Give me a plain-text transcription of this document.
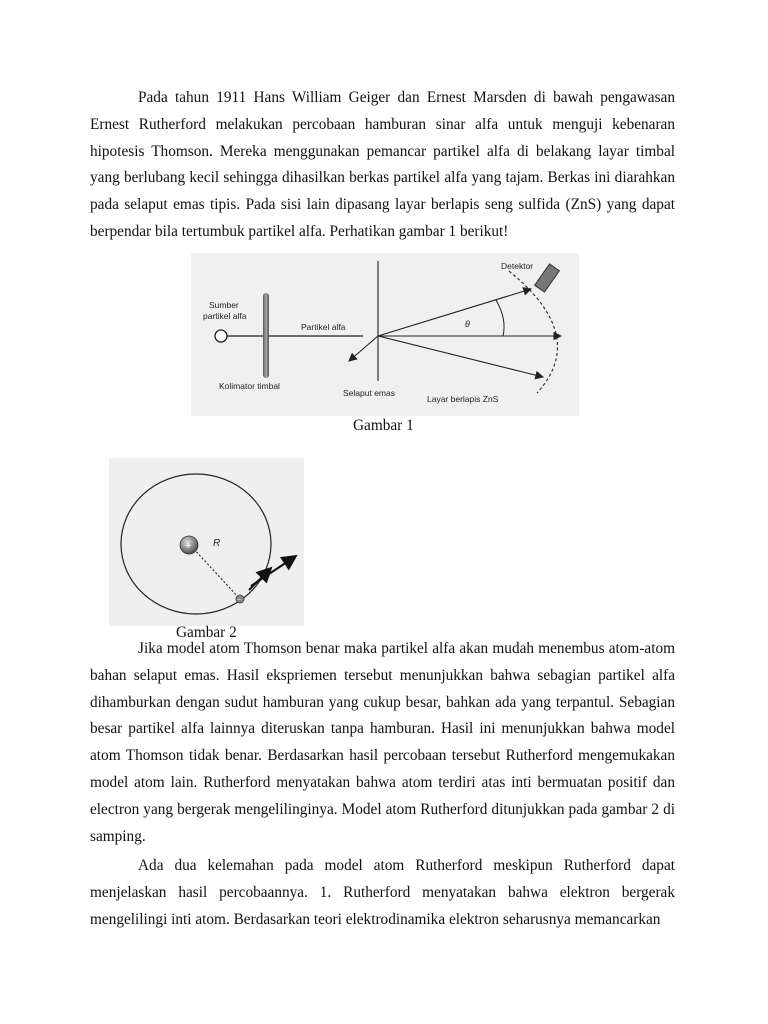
Pada tahun 1911 Hans William Geiger dan Ernest Marsden di bawah pengawasan Ernest Rutherford melakukan percobaan hamburan sinar alfa untuk menguji kebenaran hipotesis Thomson. Mereka menggunakan pemancar partikel alfa di belakang layar timbal yang berlubang kecil sehingga dihasilkan berkas partikel alfa yang tajam. Berkas ini diarahkan pada selaput emas tipis. Pada sisi lain dipasang layar berlapis seng sulfida (ZnS) yang dapat berpendar bila tertumbuk partikel alfa. Perhatikan gambar 1 berikut!

Sumber
partikel alfa
Partikel alfa
Kolimator timbal
Selaput emas
Layar berlapis ZnS
Detektor
θ

Gambar 1

+
−
R

Gambar 2

Jika model atom Thomson benar maka partikel alfa akan mudah menembus atom-atom bahan selaput emas. Hasil ekspriemen tersebut menunjukkan bahwa sebagian partikel alfa dihamburkan dengan sudut hamburan yang cukup besar, bahkan ada yang terpantul. Sebagian besar partikel alfa lainnya diteruskan tanpa hamburan. Hasil ini menunjukkan bahwa model atom Thomson tidak benar. Berdasarkan hasil percobaan tersebut Rutherford mengemukakan model atom lain. Rutherford menyatakan bahwa atom terdiri atas inti bermuatan positif dan electron yang bergerak mengelilinginya. Model atom Rutherford ditunjukkan pada gambar 2 di samping.

Ada dua kelemahan pada model atom Rutherford meskipun Rutherford dapat menjelaskan hasil percobaannya. 1. Rutherford menyatakan bahwa elektron bergerak mengelilingi inti atom. Berdasarkan teori elektrodinamika elektron seharusnya memancarkan
